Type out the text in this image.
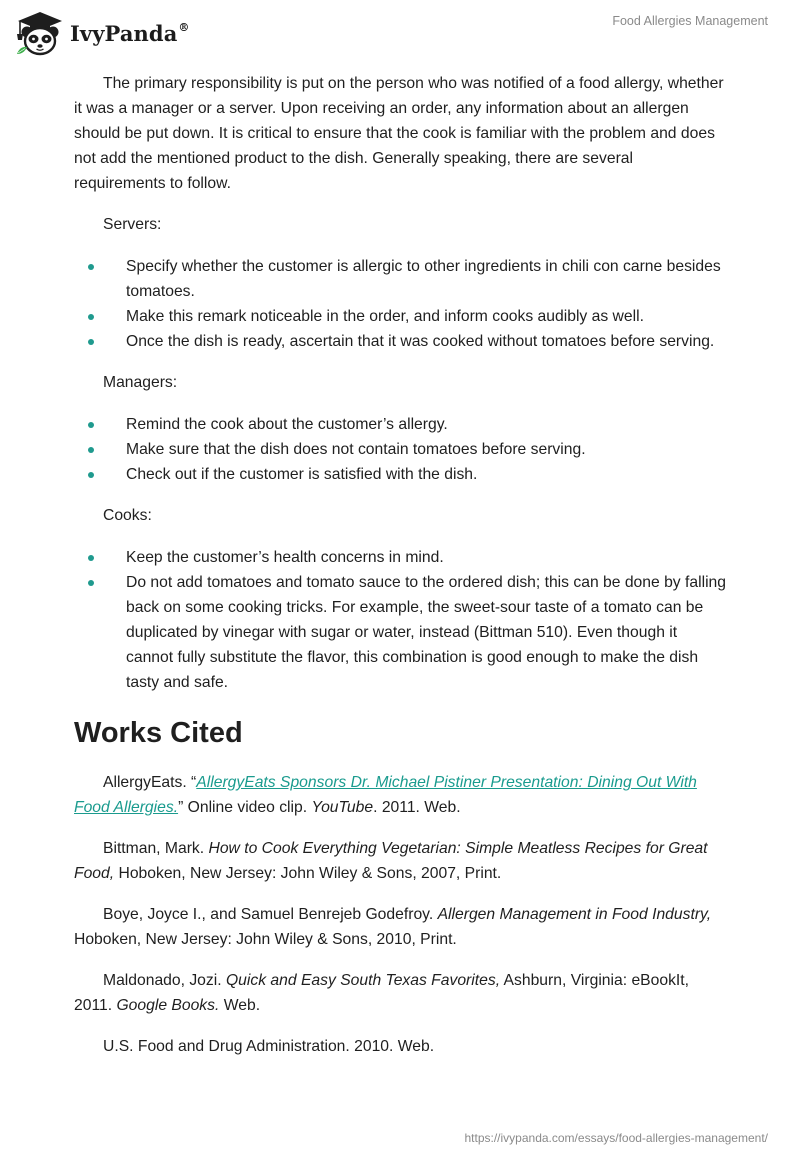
IvyPanda®	Food Allergies Management

The primary responsibility is put on the person who was notified of a food allergy, whether it was a manager or a server. Upon receiving an order, any information about an allergen should be put down. It is critical to ensure that the cook is familiar with the problem and does not add the mentioned product to the dish. Generally speaking, there are several requirements to follow.

Servers:

Specify whether the customer is allergic to other ingredients in chili con carne besides tomatoes.
Make this remark noticeable in the order, and inform cooks audibly as well.
Once the dish is ready, ascertain that it was cooked without tomatoes before serving.

Managers:

Remind the cook about the customer’s allergy.
Make sure that the dish does not contain tomatoes before serving.
Check out if the customer is satisfied with the dish.

Cooks:

Keep the customer’s health concerns in mind.
Do not add tomatoes and tomato sauce to the ordered dish; this can be done by falling back on some cooking tricks. For example, the sweet-sour taste of a tomato can be duplicated by vinegar with sugar or water, instead (Bittman 510). Even though it cannot fully substitute the flavor, this combination is good enough to make the dish tasty and safe.
Works Cited

AllergyEats. “AllergyEats Sponsors Dr. Michael Pistiner Presentation: Dining Out With Food Allergies.” Online video clip. YouTube. 2011. Web.

Bittman, Mark. How to Cook Everything Vegetarian: Simple Meatless Recipes for Great Food, Hoboken, New Jersey: John Wiley & Sons, 2007, Print.

Boye, Joyce I., and Samuel Benrejeb Godefroy. Allergen Management in Food Industry, Hoboken, New Jersey: John Wiley & Sons, 2010, Print.

Maldonado, Jozi. Quick and Easy South Texas Favorites, Ashburn, Virginia: eBookIt, 2011. Google Books. Web.

U.S. Food and Drug Administration. 2010. Web.

https://ivypanda.com/essays/food-allergies-management/
